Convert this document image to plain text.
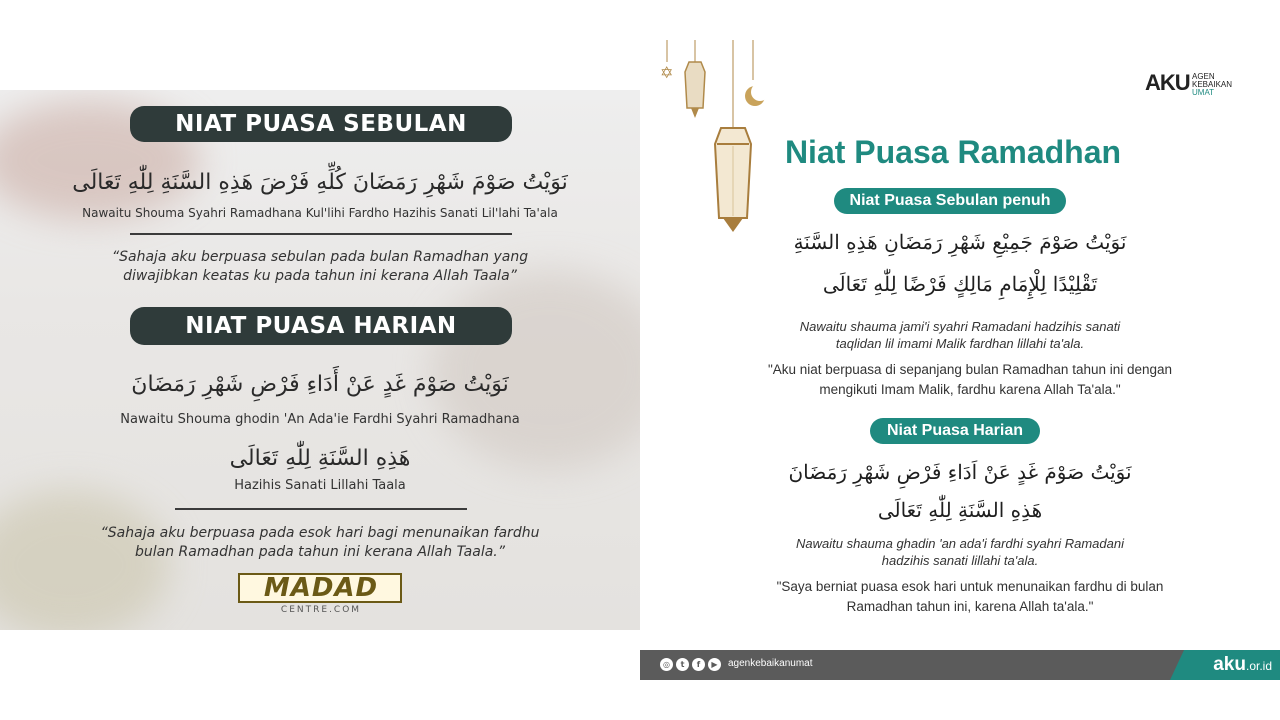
NIAT PUASA SEBULAN
نَوَيْتُ صَوْمَ شَهْرِ رَمَضَانَ كُلِّهِ فَرْضَ هَذِهِ السَّنَةِ لِلّٰهِ تَعَالَى
Nawaitu Shouma Syahri Ramadhana Kul'lihi Fardho Hazihis Sanati Lil'lahi Ta'ala
“Sahaja aku berpuasa sebulan pada bulan Ramadhan yang
diwajibkan keatas ku pada tahun ini kerana Allah Taala”
NIAT PUASA HARIAN
نَوَيْتُ صَوْمَ غَدٍ عَنْ أَدَاءِ فَرْضِ شَهْرِ رَمَضَانَ
Nawaitu Shouma ghodin 'An Ada'ie Fardhi Syahri Ramadhana
هَذِهِ السَّنَةِ لِلّٰهِ تَعَالَى
Hazihis Sanati Lillahi Taala
“Sahaja aku berpuasa pada esok hari bagi menunaikan fardhu
bulan Ramadhan pada tahun ini kerana Allah Taala.”
MADAD
CENTRE.COM
✡	AKU AGEN
KEBAIKAN
UMAT
Niat Puasa Ramadhan
Niat Puasa Sebulan penuh
نَوَيْتُ صَوْمَ جَمِيْعِ شَهْرِ رَمَضَانِ هَذِهِ السَّنَةِ
تَقْلِيْدًا لِلْإِمَامِ مَالِكٍ فَرْضًا لِلّٰهِ تَعَالَى
Nawaitu shauma jami'i syahri Ramadani hadzihis sanati
taqlidan lil imami Malik fardhan lillahi ta'ala.
"Aku niat berpuasa di sepanjang bulan Ramadhan tahun ini dengan
mengikuti Imam Malik, fardhu karena Allah Ta'ala."
Niat Puasa Harian
نَوَيْتُ صَوْمَ غَدٍ عَنْ اَدَاءِ فَرْضِ شَهْرِ رَمَضَانَ
هَذِهِ السَّنَةِ لِلّٰهِ تَعَالَى
Nawaitu shauma ghadin 'an ada'i fardhi syahri Ramadani
hadzihis sanati lillahi ta'ala.
"Saya berniat puasa esok hari untuk menunaikan fardhu di bulan
Ramadhan tahun ini, karena Allah ta'ala."
◎	t	f	▶	agenkebaikanumat	aku.or.id
